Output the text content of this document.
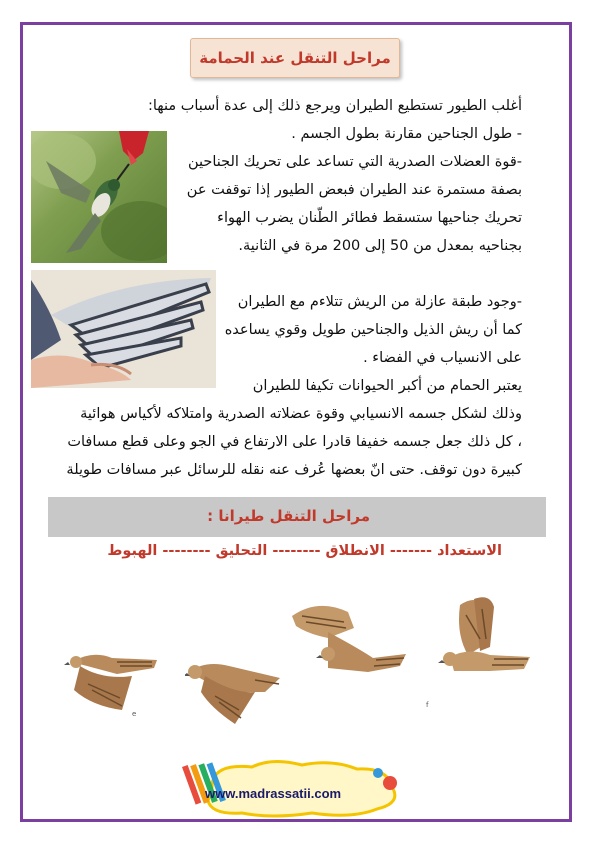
مراحل التنقل عند الحمامة

أغلب الطيور تستطيع الطيران ويرجع ذلك إلى عدة أسباب منها:

- طول الجناحين مقارنة بطول الجسم .

-قوة العضلات الصدرية التي تساعد على تحريك الجناحين

بصفة مستمرة عند الطيران فبعض الطيور إذا توقفت عن

تحريك جناحيها ستسقط فطائر الطّنان يضرب الهواء

بجناحيه بمعدل من 50 إلى 200 مرة في الثانية.

-وجود طبقة عازلة من الريش تتلاءم مع الطيران

كما أن ريش الذيل والجناحين طويل وقوي يساعده

على الانسياب في الفضاء .

يعتبر الحمام من أكبر الحيوانات تكيفا للطيران

وذلك لشكل جسمه الانسيابي وقوة عضلاته الصدرية وامتلاكه لأكياس هوائية

، كل ذلك جعل جسمه خفيفا قادرا على الارتفاع في الجو وعلى قطع مسافات

كبيرة دون توقف. حتى انّ بعضها عُرف عنه نقله للرسائل عبر مسافات طويلة

مراحل التنقل طيرانا :
الاستعداد ------- الانطلاق -------- التحليق -------- الهبوط
e
f
www.madrassatii.com
